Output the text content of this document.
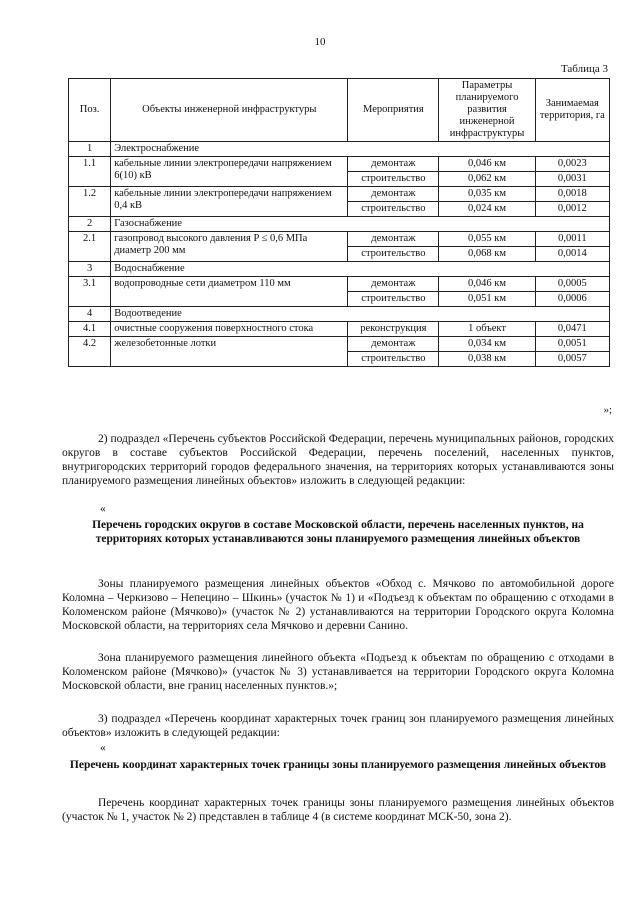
10
Таблица 3
Поз.	Объекты инженерной инфраструктуры	Мероприятия	Параметры планируемого развития инженерной инфраструктуры	Занимаемая территория, га
1	Электроснабжение			
1.1	кабельные линии электропередачи напряжением 6(10) кВ	демонтаж	0,046 км	0,0023
		строительство	0,062 км	0,0031
1.2	кабельные линии электропередачи напряжением 0,4 кВ	демонтаж	0,035 км	0,0018
		строительство	0,024 км	0,0012
2	Газоснабжение			
2.1	газопровод высокого давления P ≤ 0,6 МПа диаметр 200 мм	демонтаж	0,055 км	0,0011
		строительство	0,068 км	0,0014
3	Водоснабжение			
3.1	водопроводные сети диаметром 110 мм	демонтаж	0,046 км	0,0005
		строительство	0,051 км	0,0006
4	Водоотведение			
4.1	очистные сооружения поверхностного стока	реконструкция	1 объект	0,0471
4.2	железобетонные лотки	демонтаж	0,034 км	0,0051
		строительство	0,038 км	0,0057
»;
2) подраздел «Перечень субъектов Российской Федерации, перечень муниципальных районов, городских округов в составе субъектов Российской Федерации, перечень поселений, населенных пунктов, внутригородских территорий городов федерального значения, на территориях которых устанавливаются зоны планируемого размещения линейных объектов» изложить в следующей редакции:
«
Перечень городских округов в составе Московской области, перечень населенных пунктов, на территориях которых устанавливаются зоны планируемого размещения линейных объектов
Зоны планируемого размещения линейных объектов «Обход с. Мячково по автомобильной дороге Коломна – Черкизово – Непецино – Шкинь» (участок № 1) и «Подъезд к объектам по обращению с отходами в Коломенском районе (Мячково)» (участок № 2) устанавливаются на территории Городского округа Коломна Московской области, на территориях села Мячково и деревни Санино.
Зона планируемого размещения линейного объекта «Подъезд к объектам по обращению с отходами в Коломенском районе (Мячково)» (участок № 3) устанавливается на территории Городского округа Коломна Московской области, вне границ населенных пунктов.»;
3) подраздел «Перечень координат характерных точек границ зон планируемого размещения линейных объектов» изложить в следующей редакции:
«
Перечень координат характерных точек границы зоны планируемого размещения линейных объектов
Перечень координат характерных точек границы зоны планируемого размещения линейных объектов (участок № 1, участок № 2) представлен в таблице 4 (в системе координат МСК-50, зона 2).
